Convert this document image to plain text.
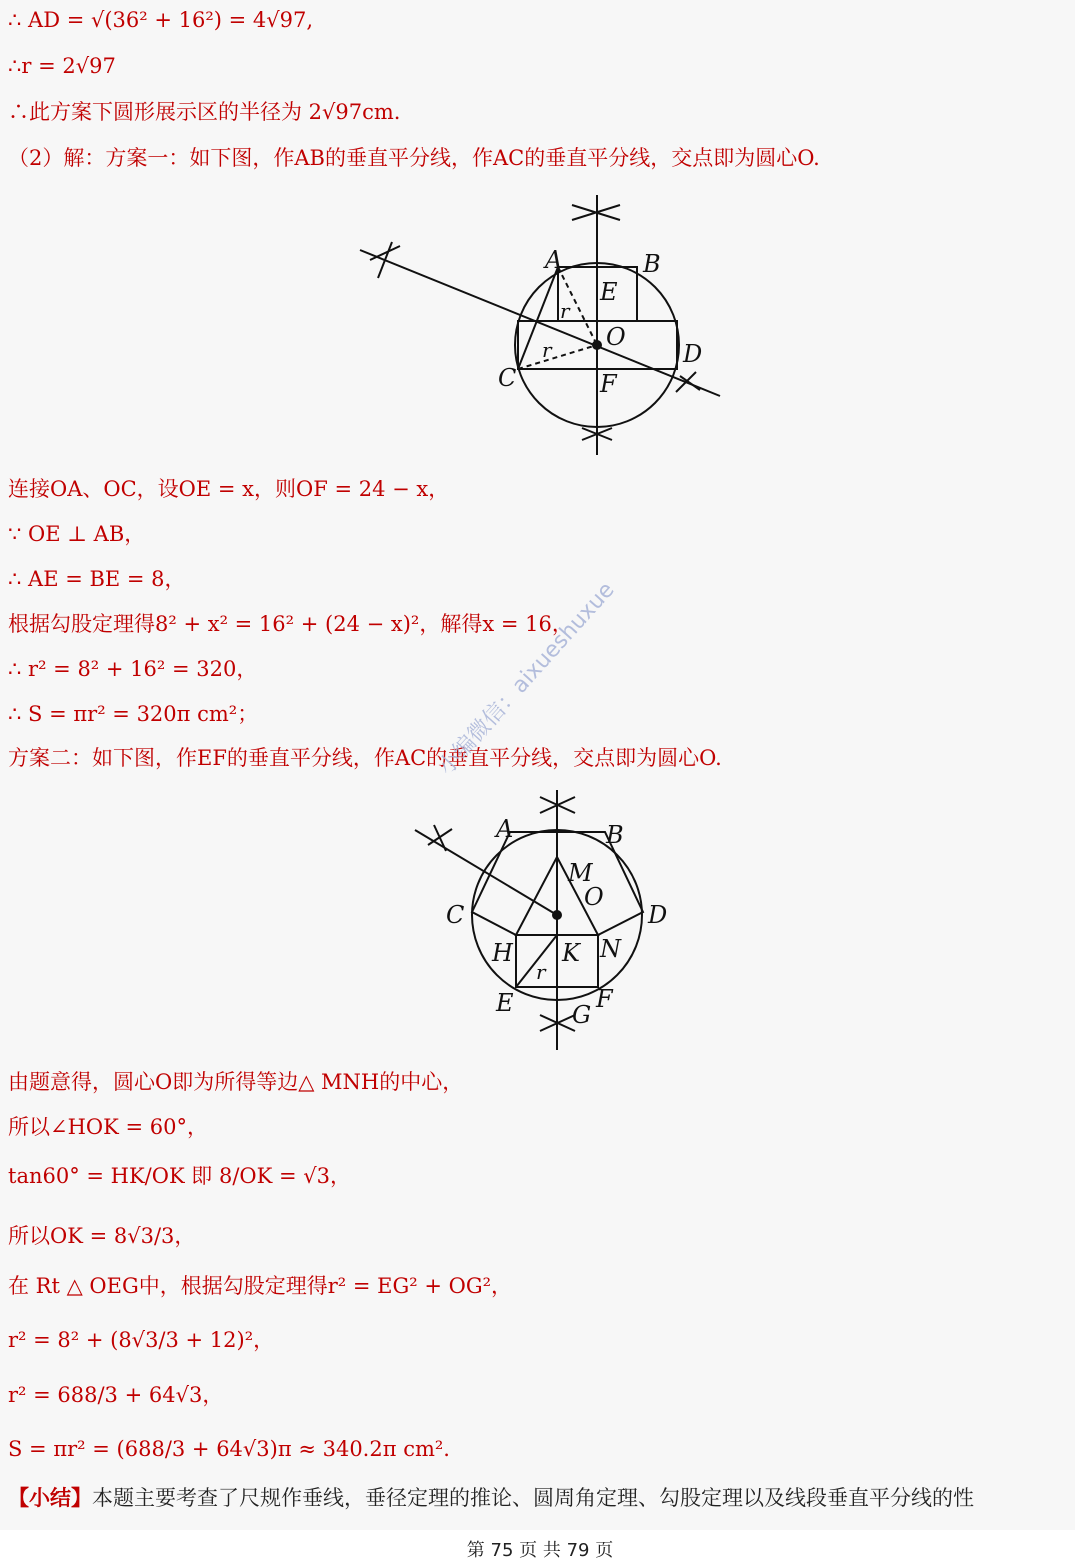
∴ AD = √(36² + 16²) = 4√97,
∴r = 2√97
∴此方案下圆形展示区的半径为 2√97cm.
（2）解：方案一：如下图，作AB的垂直平分线，作AC的垂直平分线，交点即为圆心O.
A	B
C
D
E
F
O
r
r
连接OA、OC，设OE = x，则OF = 24 − x，
∵ OE ⊥ AB，
∴ AE = BE = 8，
根据勾股定理得8² + x² = 16² + (24 − x)²，解得x = 16，
∴ r² = 8² + 16² = 320，
∴ S = πr² = 320π cm²；
方案二：如下图，作EF的垂直平分线，作AC的垂直平分线，交点即为圆心O.
小编微信：aixueshuxue
A	B
C	D
E	F
G
H K
M
N
O
r
由题意得，圆心O即为所得等边△ MNH的中心，
所以∠HOK = 60°，
tan60° = HK/OK 即 8/OK = √3，
所以OK = 8√3/3，
在 Rt △ OEG中，根据勾股定理得r² = EG² + OG²，
r² = 8² + (8√3/3 + 12)²，
r² = 688/3 + 64√3，
S = πr² = (688/3 + 64√3)π ≈ 340.2π cm².
【小结】本题主要考查了尺规作垂线，垂径定理的推论、圆周角定理、勾股定理以及线段垂直平分线的性
第 75 页 共 79 页
